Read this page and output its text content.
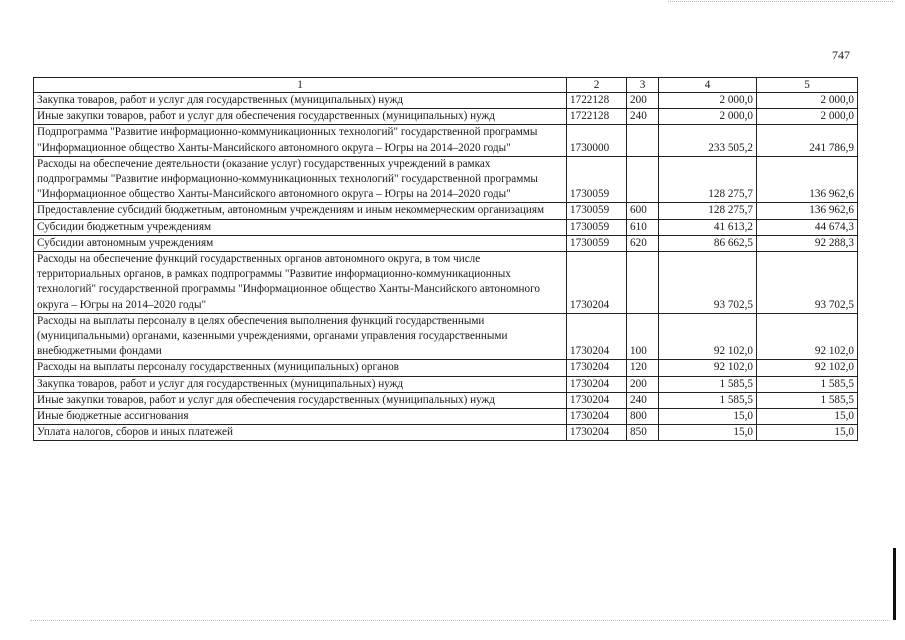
747
1	2	3	4	5
Закупка товаров, работ и услуг для государственных (муниципальных) нужд	1722128	200	2 000,0	2 000,0
Иные закупки товаров, работ и услуг для обеспечения государственных (муниципальных) нужд	1722128	240	2 000,0	2 000,0
Подпрограмма "Развитие информационно-коммуникационных технологий" государственной программы "Информационное общество Ханты-Мансийского автономного округа – Югры на 2014–2020 годы"	1730000		233 505,2	241 786,9
Расходы на обеспечение деятельности (оказание услуг) государственных учреждений в рамках подпрограммы "Развитие информационно-коммуникационных технологий" государственной программы "Информационное общество Ханты-Мансийского автономного округа – Югры на 2014–2020 годы"	1730059		128 275,7	136 962,6
Предоставление субсидий бюджетным, автономным учреждениям и иным некоммерческим организациям	1730059	600	128 275,7	136 962,6
Субсидии бюджетным учреждениям	1730059	610	41 613,2	44 674,3
Субсидии автономным учреждениям	1730059	620	86 662,5	92 288,3
Расходы на обеспечение функций государственных органов автономного округа, в том числе территориальных органов, в рамках подпрограммы "Развитие информационно-коммуникационных технологий" государственной программы "Информационное общество Ханты-Мансийского автономного округа – Югры на 2014–2020 годы"	1730204		93 702,5	93 702,5
Расходы на выплаты персоналу в целях обеспечения выполнения функций государственными (муниципальными) органами, казенными учреждениями, органами управления государственными внебюджетными фондами	1730204	100	92 102,0	92 102,0
Расходы на выплаты персоналу государственных (муниципальных) органов	1730204	120	92 102,0	92 102,0
Закупка товаров, работ и услуг для государственных (муниципальных) нужд	1730204	200	1 585,5	1 585,5
Иные закупки товаров, работ и услуг для обеспечения государственных (муниципальных) нужд	1730204	240	1 585,5	1 585,5
Иные бюджетные ассигнования	1730204	800	15,0	15,0
Уплата налогов, сборов и иных платежей	1730204	850	15,0	15,0
